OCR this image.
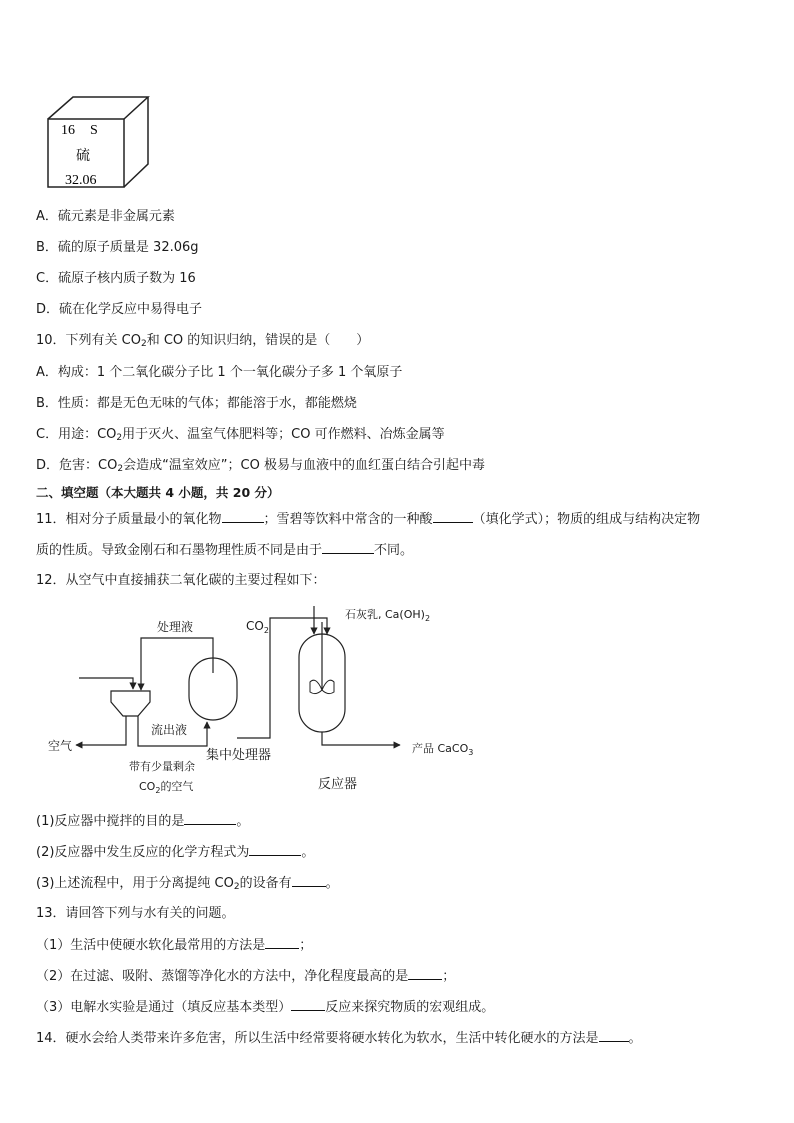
16 S
硫
32.06
A．硫元素是非金属元素
B．硫的原子质量是 32.06g
C．硫原子核内质子数为 16
D．硫在化学反应中易得电子
10．下列有关 $CO_2$和 CO 的知识归纳，错误的是（　　）
A．构成：1 个二氧化碳分子比 1 个一氧化碳分子多 1 个氧原子
B．性质：都是无色无味的气体；都能溶于水，都能燃烧
C．用途：$CO_2$用于灭火、温室气体肥料等；CO 可作燃料、冶炼金属等
D．危害：$CO_2$会造成“温室效应”；CO 极易与血液中的血红蛋白结合引起中毒
二、填空题（本大题共 4 小题，共 20 分）
11．相对分子质量最小的氧化物	；雪碧等饮料中常含的一种酸	（填化学式）；物质的组成与结构决定物
质的性质。导致金刚石和石墨物理性质不同是由于	不同。
12．从空气中直接捕获二氧化碳的主要过程如下：
处理液	$CO_2$
石灰乳, $Ca(OH)_2$
流出液
空气
集中处理器
带有少量剩余
$CO_2$的空气
产品 CaCO$_3$
反应器
(1)反应器中搅拌的目的是	。
(2)反应器中发生反应的化学方程式为	。
(3)上述流程中，用于分离提纯 $CO_2$的设备有	。
13．请回答下列与水有关的问题。
（1）生活中使硬水软化最常用的方法是	；
（2）在过滤、吸附、蒸馏等净化水的方法中，净化程度最高的是	；
（3）电解水实验是通过（填反应基本类型）	反应来探究物质的宏观组成。
14．硬水会给人类带来许多危害，所以生活中经常要将硬水转化为软水，生活中转化硬水的方法是 。
